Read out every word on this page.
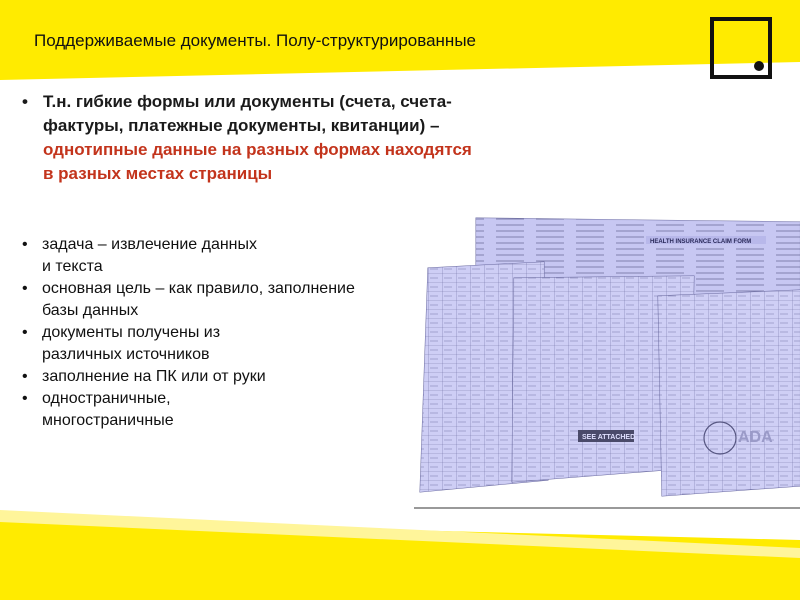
Поддерживаемые документы. Полу-структурированные
• Т.н. гибкие формы или документы (счета, счета-фактуры, платежные документы, квитанции) – однотипные данные на разных формах находятся в разных местах страницы
• задача – извлечение данных
и текста
• основная цель – как правило, заполнение
базы данных
• документы получены из
различных источников
• заполнение на ПК или от руки
• одностраничные,
многостраничные
HEALTH INSURANCE CLAIM FORM
SEE ATTACHED	ADA
